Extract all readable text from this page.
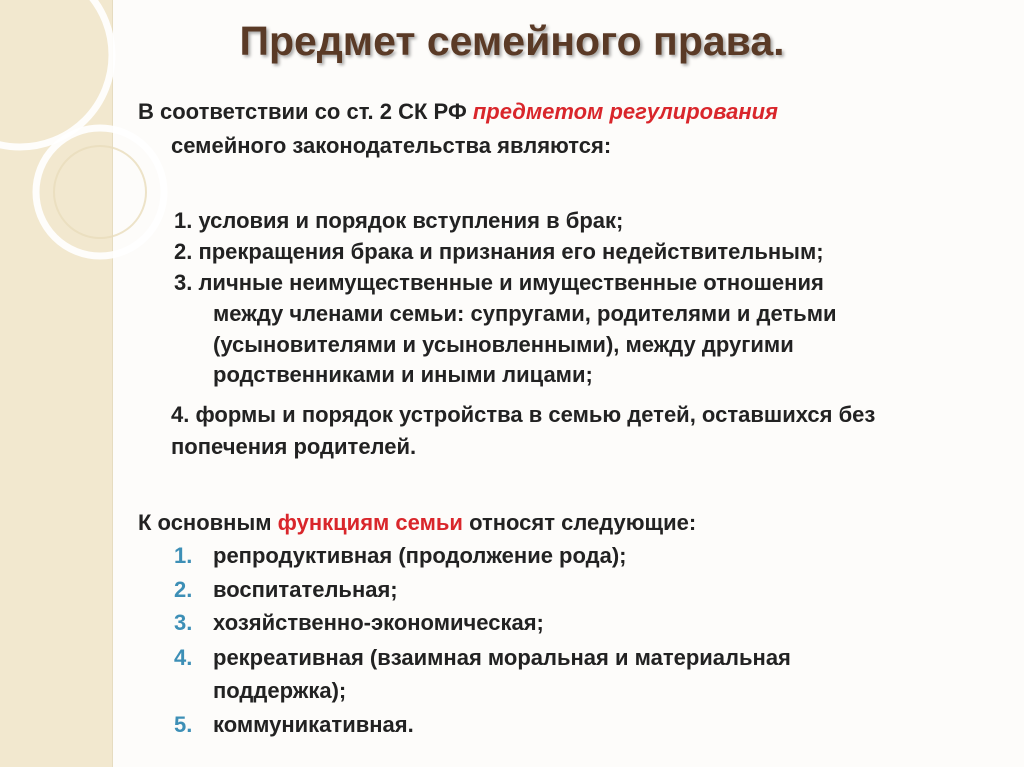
Предмет семейного права.
В соответствии со ст. 2 СК РФ предметом регулирования
семейного законодательства являются:
1. условия и порядок вступления в брак;
2. прекращения брака и признания его недействительным;
3. личные неимущественные и имущественные отношения
между членами семьи: супругами, родителями и детьми
(усыновителями и усыновленными), между другими
родственниками и иными лицами;
4. формы и порядок устройства в семью детей, оставшихся без
попечения родителей.
К основным функциям семьи относят следующие:
1. репродуктивная (продолжение рода);
2. воспитательная;
3. хозяйственно-экономическая;
4. рекреативная (взаимная моральная и материальная
поддержка);
5. коммуникативная.
